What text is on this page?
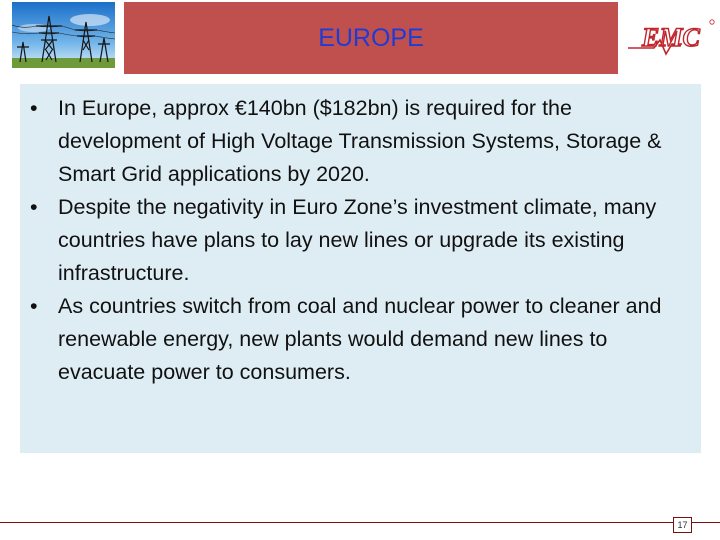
EUROPE	EMC
• In Europe, approx €140bn ($182bn) is required for the development of High Voltage Transmission Systems, Storage & Smart Grid applications by 2020.
• Despite the negativity in Euro Zone’s investment climate, many countries have plans to lay new lines or upgrade its existing infrastructure.
• As countries switch from coal and nuclear power to cleaner and renewable energy, new plants would demand new lines to evacuate power to consumers.
17
